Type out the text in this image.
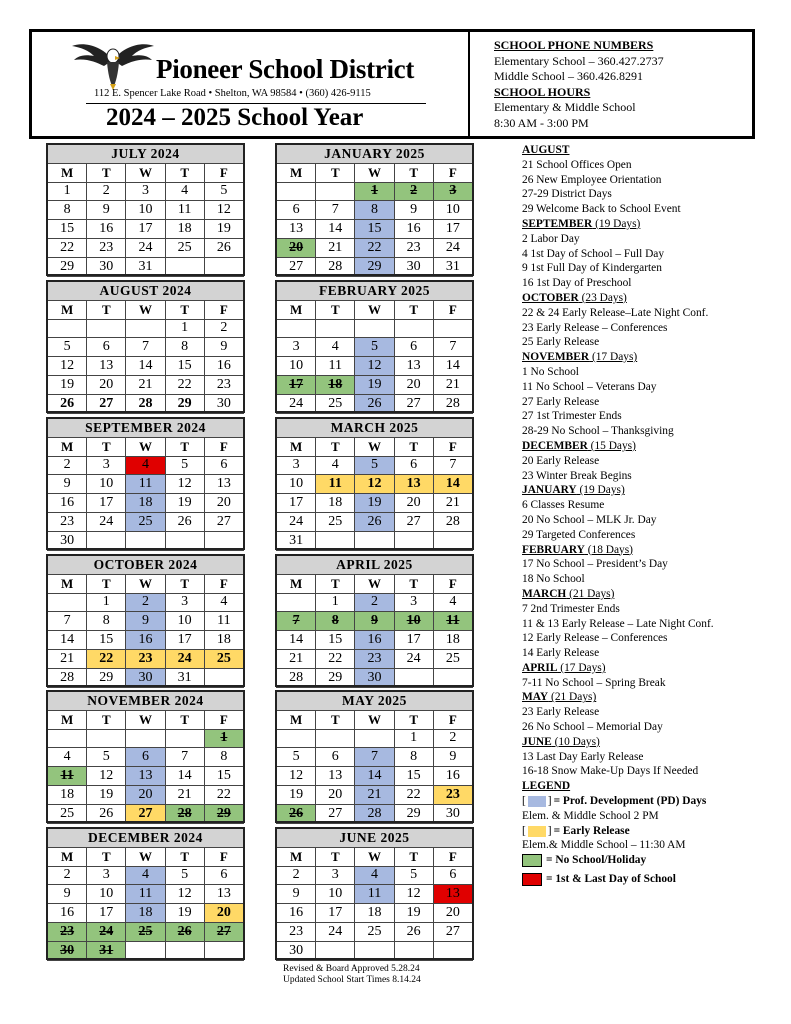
Pioneer School District
112 E. Spencer Lake Road • Shelton, WA 98584 • (360) 426-9115
2024 – 2025 School Year
SCHOOL PHONE NUMBERS
Elementary School – 360.427.2737
Middle School – 360.426.8291
SCHOOL HOURS
Elementary & Middle School
8:30 AM - 3:00 PM
JULY 2024				
M	T	W	T	F
1	2	3	4	5
8	9	10	11	12
15	16	17	18	19
22	23	24	25	26
29	30	31		
AUGUST 2024				
M	T	W	T	F
			1	2
5	6	7	8	9
12	13	14	15	16
19	20	21	22	23
26	27	28	29	30
SEPTEMBER 2024				
M	T	W	T	F
2	3	4	5	6
9	10	11	12	13
16	17	18	19	20
23	24	25	26	27
30				
OCTOBER 2024				
M	T	W	T	F
	1	2	3	4
7	8	9	10	11
14	15	16	17	18
21	22	23	24	25
28	29	30	31	
NOVEMBER 2024				
M	T	W	T	F
				1
4	5	6	7	8
11	12	13	14	15
18	19	20	21	22
25	26	27	28	29
DECEMBER 2024				
M	T	W	T	F
2	3	4	5	6
9	10	11	12	13
16	17	18	19	20
23	24	25	26	27
30	31			
JANUARY 2025				
M	T	W	T	F
		1	2	3
6	7	8	9	10
13	14	15	16	17
20	21	22	23	24
27	28	29	30	31
FEBRUARY 2025				
M	T	W	T	F

3	4	5	6	7
10	11	12	13	14
17	18	19	20	21
24	25	26	27	28
MARCH 2025				
M	T	W	T	F
3	4	5	6	7
10	11	12	13	14
17	18	19	20	21
24	25	26	27	28
31				
APRIL 2025				
M	T	W	T	F
	1	2	3	4
7	8	9	10	11
14	15	16	17	18
21	22	23	24	25
28	29	30		
MAY 2025				
M	T	W	T	F
			1	2
5	6	7	8	9
12	13	14	15	16
19	20	21	22	23
26	27	28	29	30
JUNE 2025				
M	T	W	T	F
2	3	4	5	6
9	10	11	12	13
16	17	18	19	20
23	24	25	26	27
30				
AUGUST
21 School Offices Open
26 New Employee Orientation
27-29 District Days
29 Welcome Back to School Event
SEPTEMBER (19 Days)
2 Labor Day
4 1st Day of School – Full Day
9 1st Full Day of Kindergarten
16 1st Day of Preschool
OCTOBER (23 Days)
22 & 24 Early Release–Late Night Conf.
23 Early Release – Conferences
25 Early Release
NOVEMBER (17 Days)
1 No School
11 No School – Veterans Day
27 Early Release
27 1st Trimester Ends
28-29 No School – Thanksgiving
DECEMBER (15 Days)
20 Early Release
23 Winter Break Begins
JANUARY (19 Days)
6 Classes Resume
20 No School – MLK Jr. Day
29 Targeted Conferences
FEBRUARY (18 Days)
17 No School – President’s Day
18 No School
MARCH (21 Days)
7 2nd Trimester Ends
11 & 13 Early Release – Late Night Conf.
12 Early Release – Conferences
14 Early Release
APRIL (17 Days)
7-11 No School – Spring Break
MAY (21 Days)
23 Early Release
26 No School – Memorial Day
JUNE (10 Days)
13 Last Day Early Release
16-18 Snow Make-Up Days If Needed
LEGEND
[ ] = Prof. Development (PD) Days
Elem. & Middle School 2 PM
[ ] = Early Release
Elem.& Middle School – 11:30 AM
= No School/Holiday
= 1st & Last Day of School
Revised & Board Approved 5.28.24
Updated School Start Times 8.14.24
